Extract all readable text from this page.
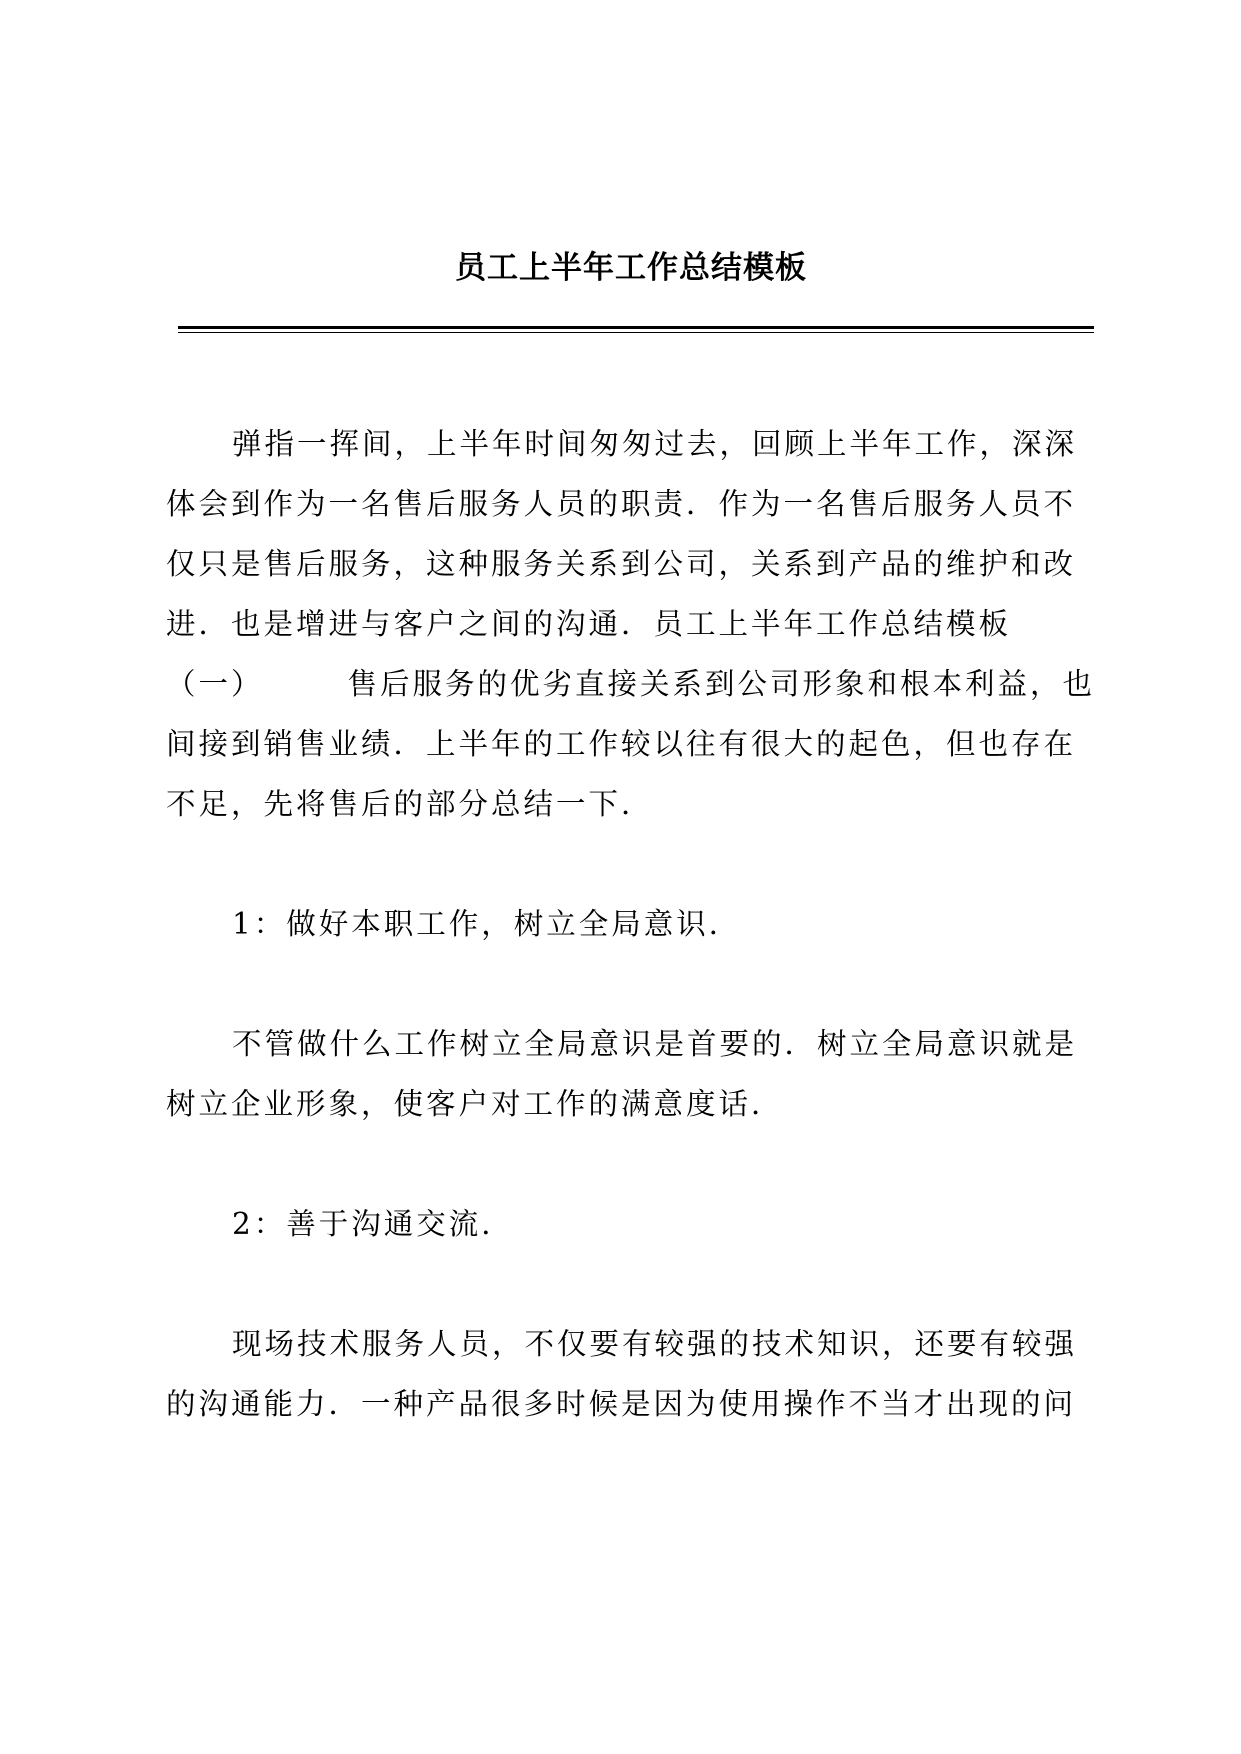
员工上半年工作总结模板

弹指一挥间，上半年时间匆匆过去，回顾上半年工作，深深体会到作为一名售后服务人员的职责．作为一名售后服务人员不仅只是售后服务，这种服务关系到公司，关系到产品的维护和改进．也是增进与客户之间的沟通．员工上半年工作总结模板

（一）	售后服务的优劣直接关系到公司形象和根本利益，也间接到销售业绩．上半年的工作较以往有很大的起色，但也存在不足，先将售后的部分总结一下．

1：做好本职工作，树立全局意识．

不管做什么工作树立全局意识是首要的．树立全局意识就是树立企业形象，使客户对工作的满意度话．

2：善于沟通交流．

现场技术服务人员，不仅要有较强的技术知识，还要有较强的沟通能力．一种产品很多时候是因为使用操作不当才出现的问
